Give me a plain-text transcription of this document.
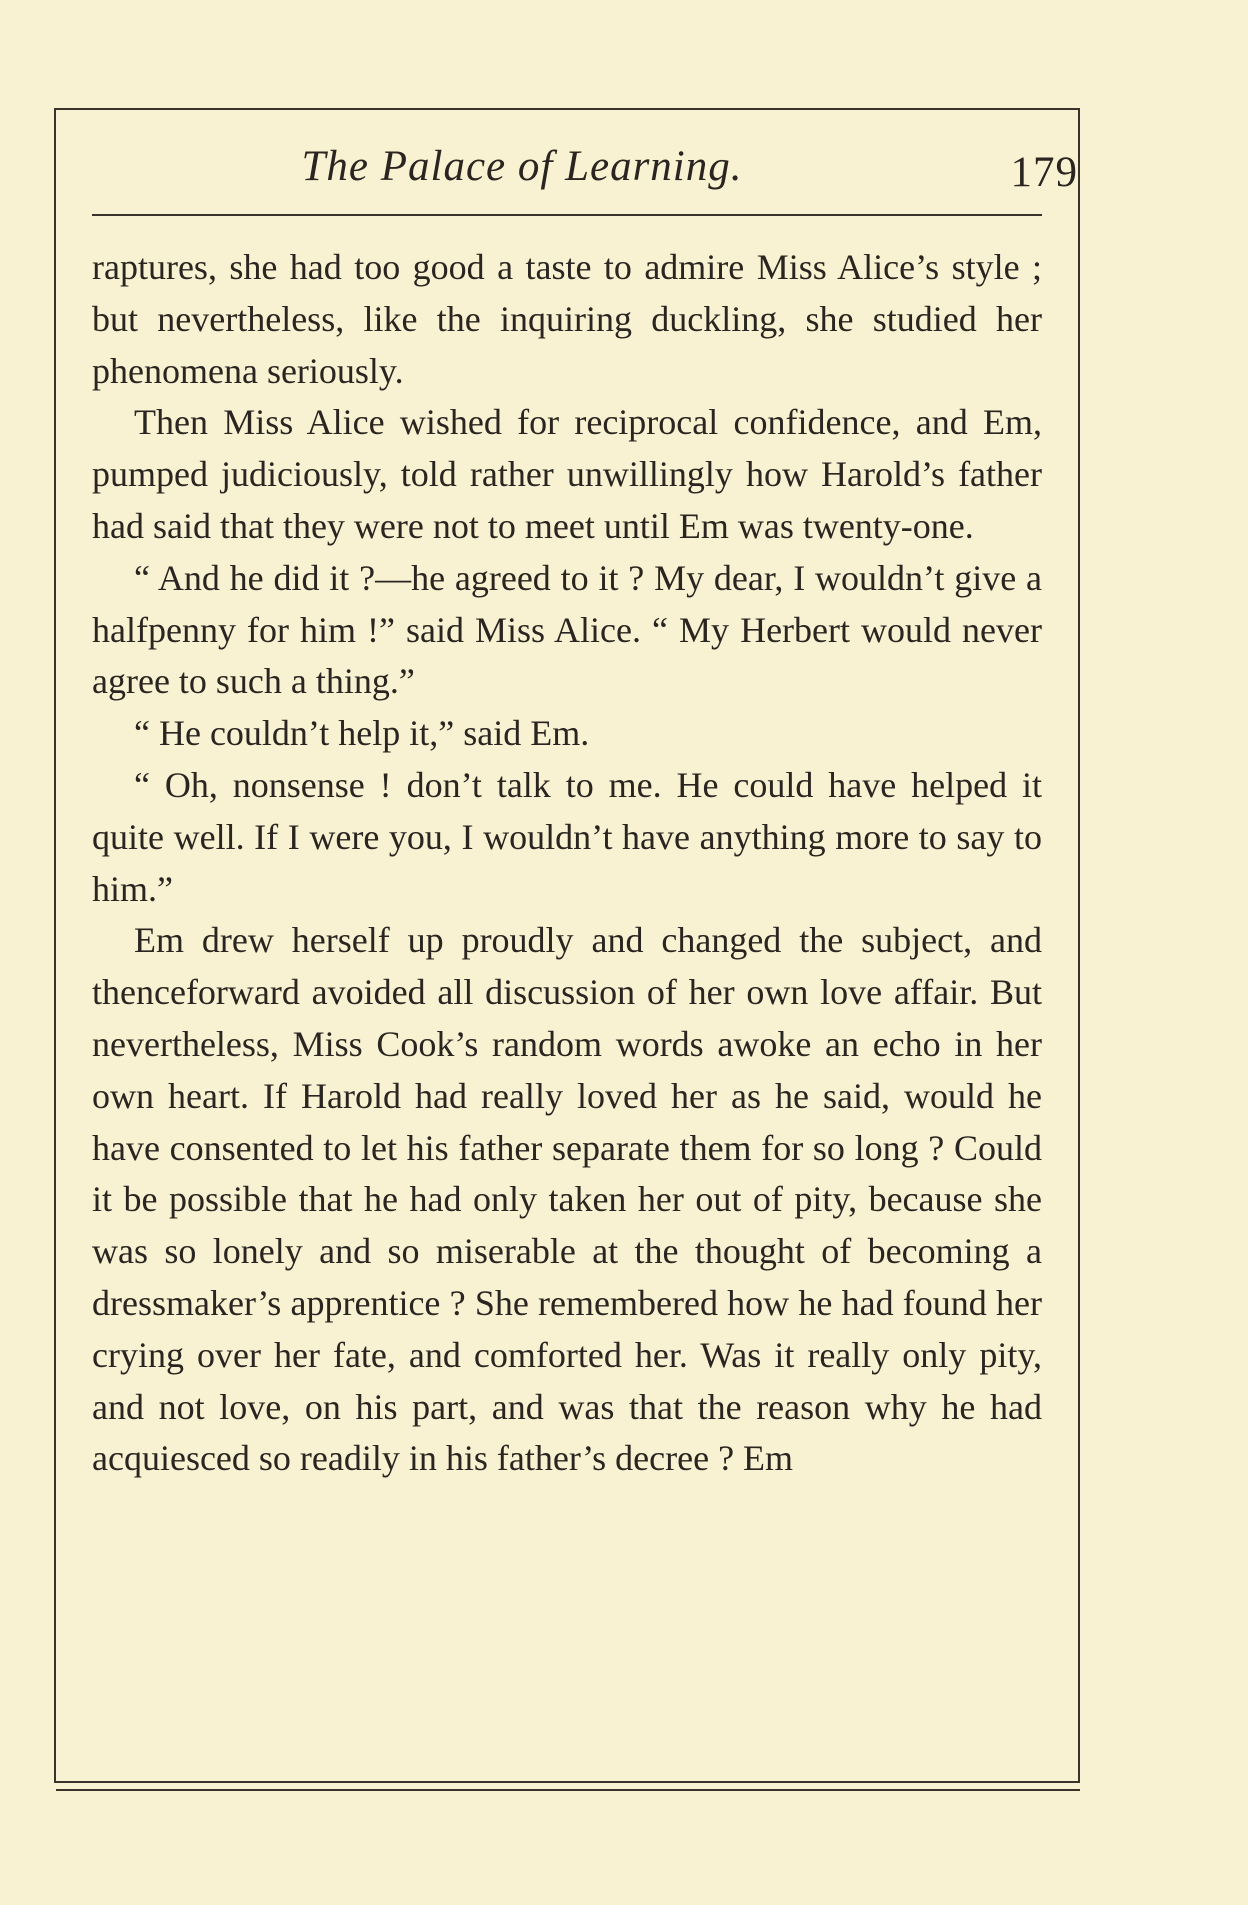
The Palace of Learning.	179

raptures, she had too good a taste to admire Miss Alice’s style ; but nevertheless, like the inquiring duckling, she studied her phenomena seriously.

Then Miss Alice wished for reciprocal confidence, and Em, pumped judiciously, told rather unwillingly how Harold’s father had said that they were not to meet until Em was twenty-one.

“ And he did it ?—he agreed to it ? My dear, I wouldn’t give a halfpenny for him !” said Miss Alice. “ My Herbert would never agree to such a thing.”

“ He couldn’t help it,” said Em.

“ Oh, nonsense ! don’t talk to me. He could have helped it quite well. If I were you, I wouldn’t have anything more to say to him.”

Em drew herself up proudly and changed the subject, and thenceforward avoided all discussion of her own love affair. But nevertheless, Miss Cook’s random words awoke an echo in her own heart. If Harold had really loved her as he said, would he have consented to let his father separate them for so long ? Could it be possible that he had only taken her out of pity, because she was so lonely and so miserable at the thought of becoming a dressmaker’s apprentice ? She remembered how he had found her crying over her fate, and comforted her. Was it really only pity, and not love, on his part, and was that the reason why he had acquiesced so readily in his father’s decree ? Em
